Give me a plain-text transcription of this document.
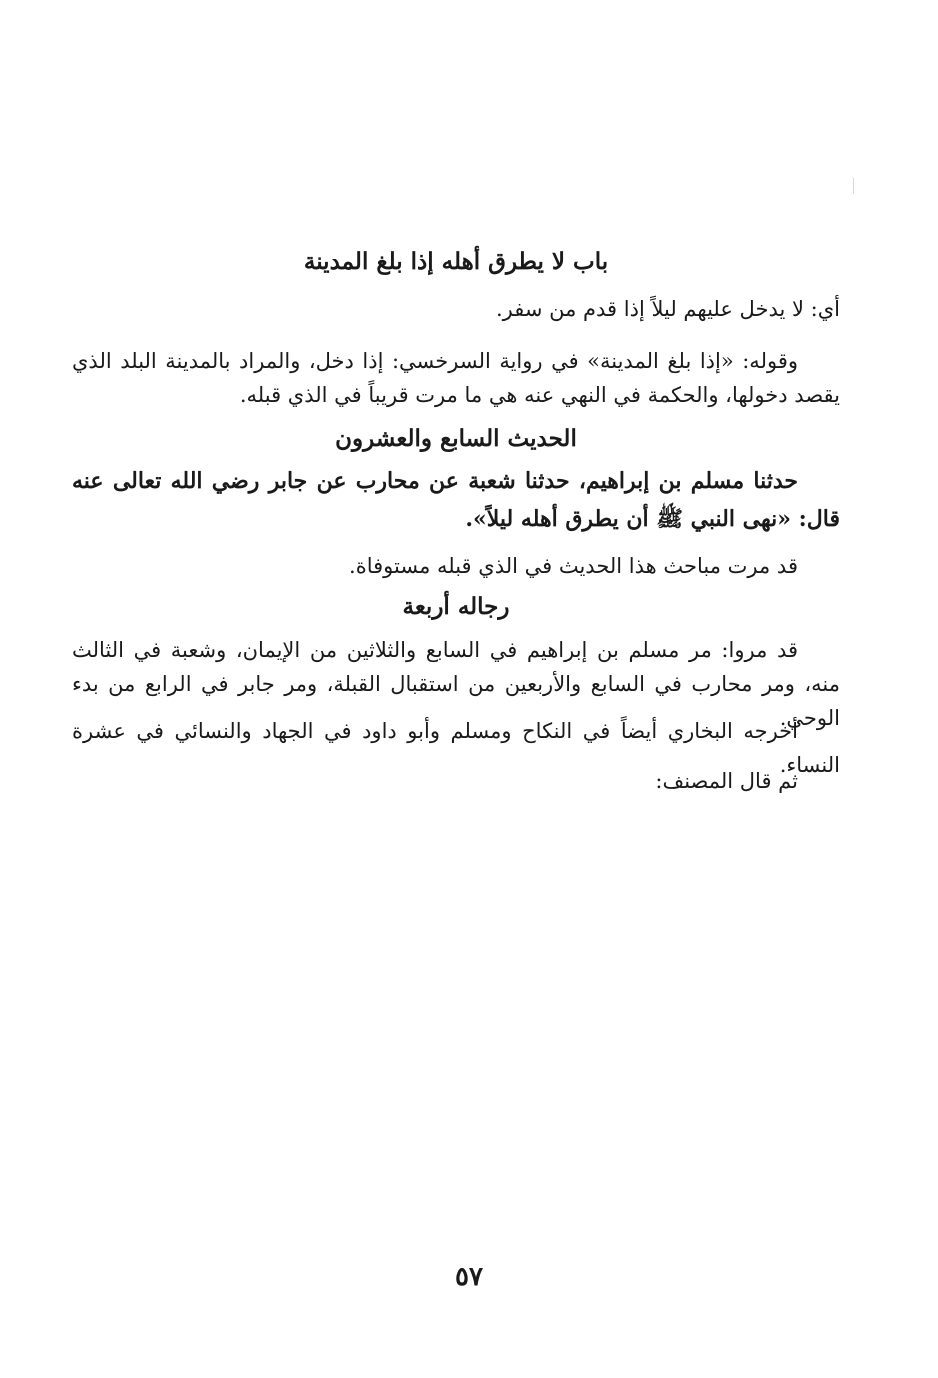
باب لا يطرق أهله إذا بلغ المدينة

أي: لا يدخل عليهم ليلاً إذا قدم من سفر.

وقوله: «إذا بلغ المدينة» في رواية السرخسي: إذا دخل، والمراد بالمدينة البلد الذي يقصد دخولها، والحكمة في النهي عنه هي ما مرت قريباً في الذي قبله.

الحديث السابع والعشرون

حدثنا مسلم بن إبراهيم، حدثنا شعبة عن محارب عن جابر رضي الله تعالى عنه قال: «نهى النبي ﷺ أن يطرق أهله ليلاً».

قد مرت مباحث هذا الحديث في الذي قبله مستوفاة.

رجاله أربعة

قد مروا: مر مسلم بن إبراهيم في السابع والثلاثين من الإيمان، وشعبة في الثالث منه، ومر محارب في السابع والأربعين من استقبال القبلة، ومر جابر في الرابع من بدء الوحي.

أخرجه البخاري أيضاً في النكاح ومسلم وأبو داود في الجهاد والنسائي في عشرة النساء.

ثم قال المصنف:

٥٧
